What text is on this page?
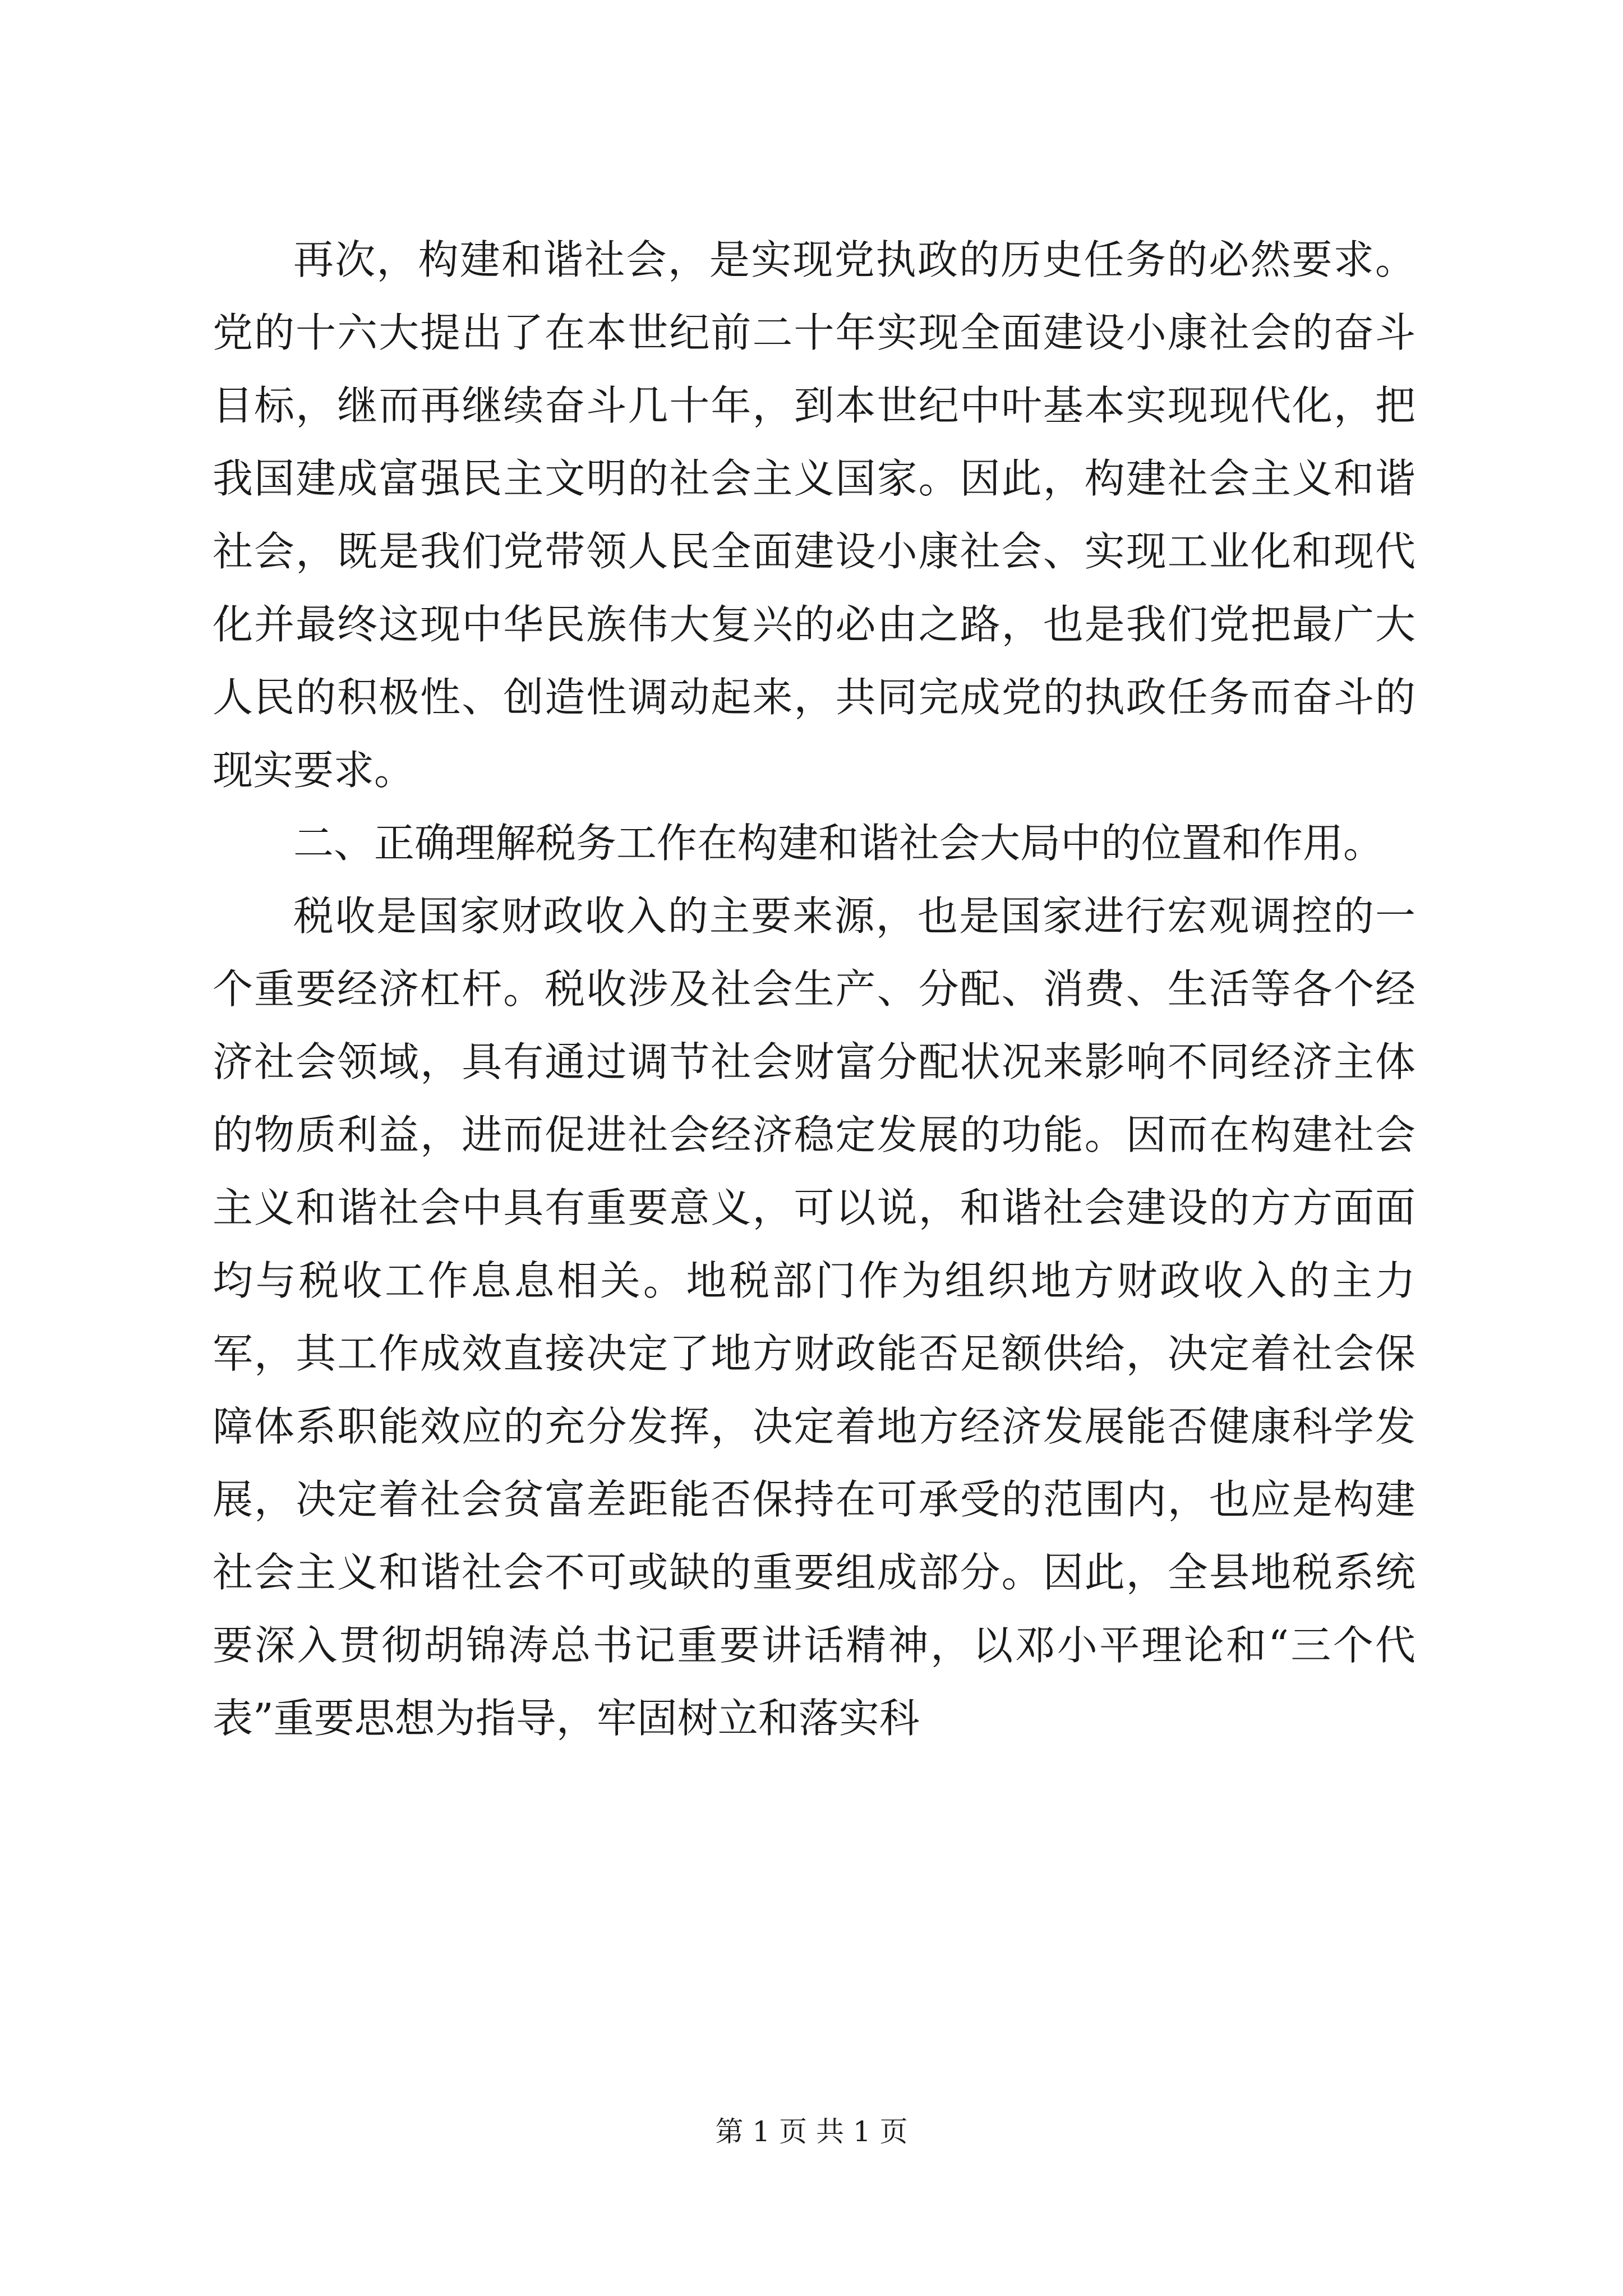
再次，构建和谐社会，是实现党执政的历史任务的必然要求。党的十六大提出了在本世纪前二十年实现全面建设小康社会的奋斗目标，继而再继续奋斗几十年，到本世纪中叶基本实现现代化，把我国建成富强民主文明的社会主义国家。因此，构建社会主义和谐社会，既是我们党带领人民全面建设小康社会、实现工业化和现代化并最终这现中华民族伟大复兴的必由之路，也是我们党把最广大人民的积极性、创造性调动起来，共同完成党的执政任务而奋斗的现实要求。

二、正确理解税务工作在构建和谐社会大局中的位置和作用。

税收是国家财政收入的主要来源，也是国家进行宏观调控的一个重要经济杠杆。税收涉及社会生产、分配、消费、生活等各个经济社会领域，具有通过调节社会财富分配状况来影响不同经济主体的物质利益，进而促进社会经济稳定发展的功能。因而在构建社会主义和谐社会中具有重要意义，可以说，和谐社会建设的方方面面均与税收工作息息相关。地税部门作为组织地方财政收入的主力军，其工作成效直接决定了地方财政能否足额供给，决定着社会保障体系职能效应的充分发挥，决定着地方经济发展能否健康科学发展，决定着社会贫富差距能否保持在可承受的范围内，也应是构建社会主义和谐社会不可或缺的重要组成部分。因此，全县地税系统要深入贯彻胡锦涛总书记重要讲话精神，以邓小平理论和“三个代表”重要思想为指导，牢固树立和落实科

第 1 页 共 1 页
